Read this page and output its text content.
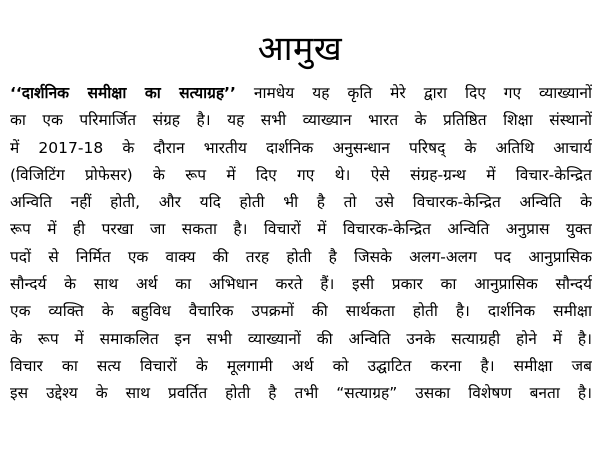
आमुख
‘‘दार्शनिक समीक्षा का सत्याग्रह’’ नामधेय यह कृति मेरे द्वारा दिए गए व्याख्यानों
का एक परिमार्जित संग्रह है। यह सभी व्याख्यान भारत के प्रतिष्ठित शिक्षा संस्थानों
में 2017-18 के दौरान भारतीय दार्शनिक अनुसन्धान परिषद् के अतिथि आचार्य
(विजिटिंग प्रोफेसर) के रूप में दिए गए थे। ऐसे संग्रह-ग्रन्थ में विचार-केन्द्रित
अन्विति नहीं होती, और यदि होती भी है तो उसे विचारक-केन्द्रित अन्विति के
रूप में ही परखा जा सकता है। विचारों में विचारक-केन्द्रित अन्विति अनुप्रास युक्त
पदों से निर्मित एक वाक्य की तरह होती है जिसके अलग-अलग पद आनुप्रासिक
सौन्दर्य के साथ अर्थ का अभिधान करते हैं। इसी प्रकार का आनुप्रासिक सौन्दर्य
एक व्यक्ति के बहुविध वैचारिक उपक्रमों की सार्थकता होती है। दार्शनिक समीक्षा
के रूप में समाकलित इन सभी व्याख्यानों की अन्विति उनके सत्याग्रही होने में है।
विचार का सत्य विचारों के मूलगामी अर्थ को उद्घाटित करना है। समीक्षा जब
इस उद्देश्य के साथ प्रवर्तित होती है तभी “सत्याग्रह” उसका विशेषण बनता है।
